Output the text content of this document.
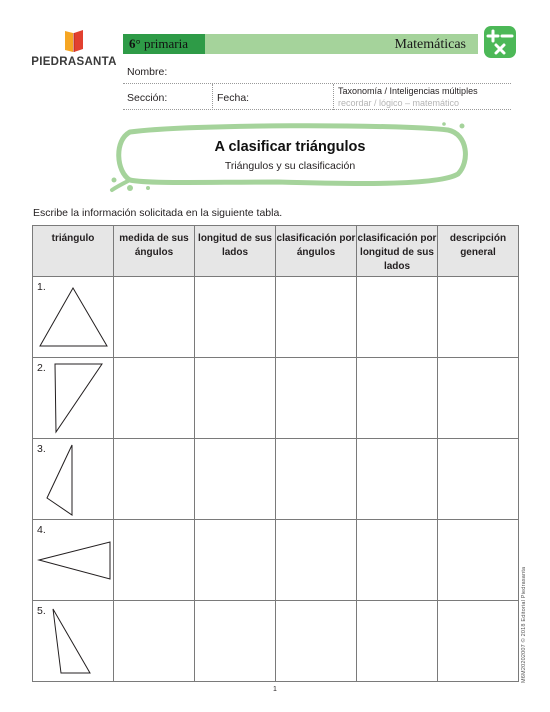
PIEDRASANTA
6° primaria	Matemáticas
Nombre:
Sección:	Fecha:
Taxonomía / Inteligencias múltiples
recordar / lógico – matemático
A clasificar triángulos
Triángulos y su clasificación
Escribe la información solicitada en la siguiente tabla.
triángulo	medida de sus ángulos	longitud de sus lados	clasificación por ángulos	clasificación por longitud de sus lados	descripción general

1.					

2.					

3.					

4.					

5.					

1
M6M20202007 © 2018 Editorial Piedrasanta
